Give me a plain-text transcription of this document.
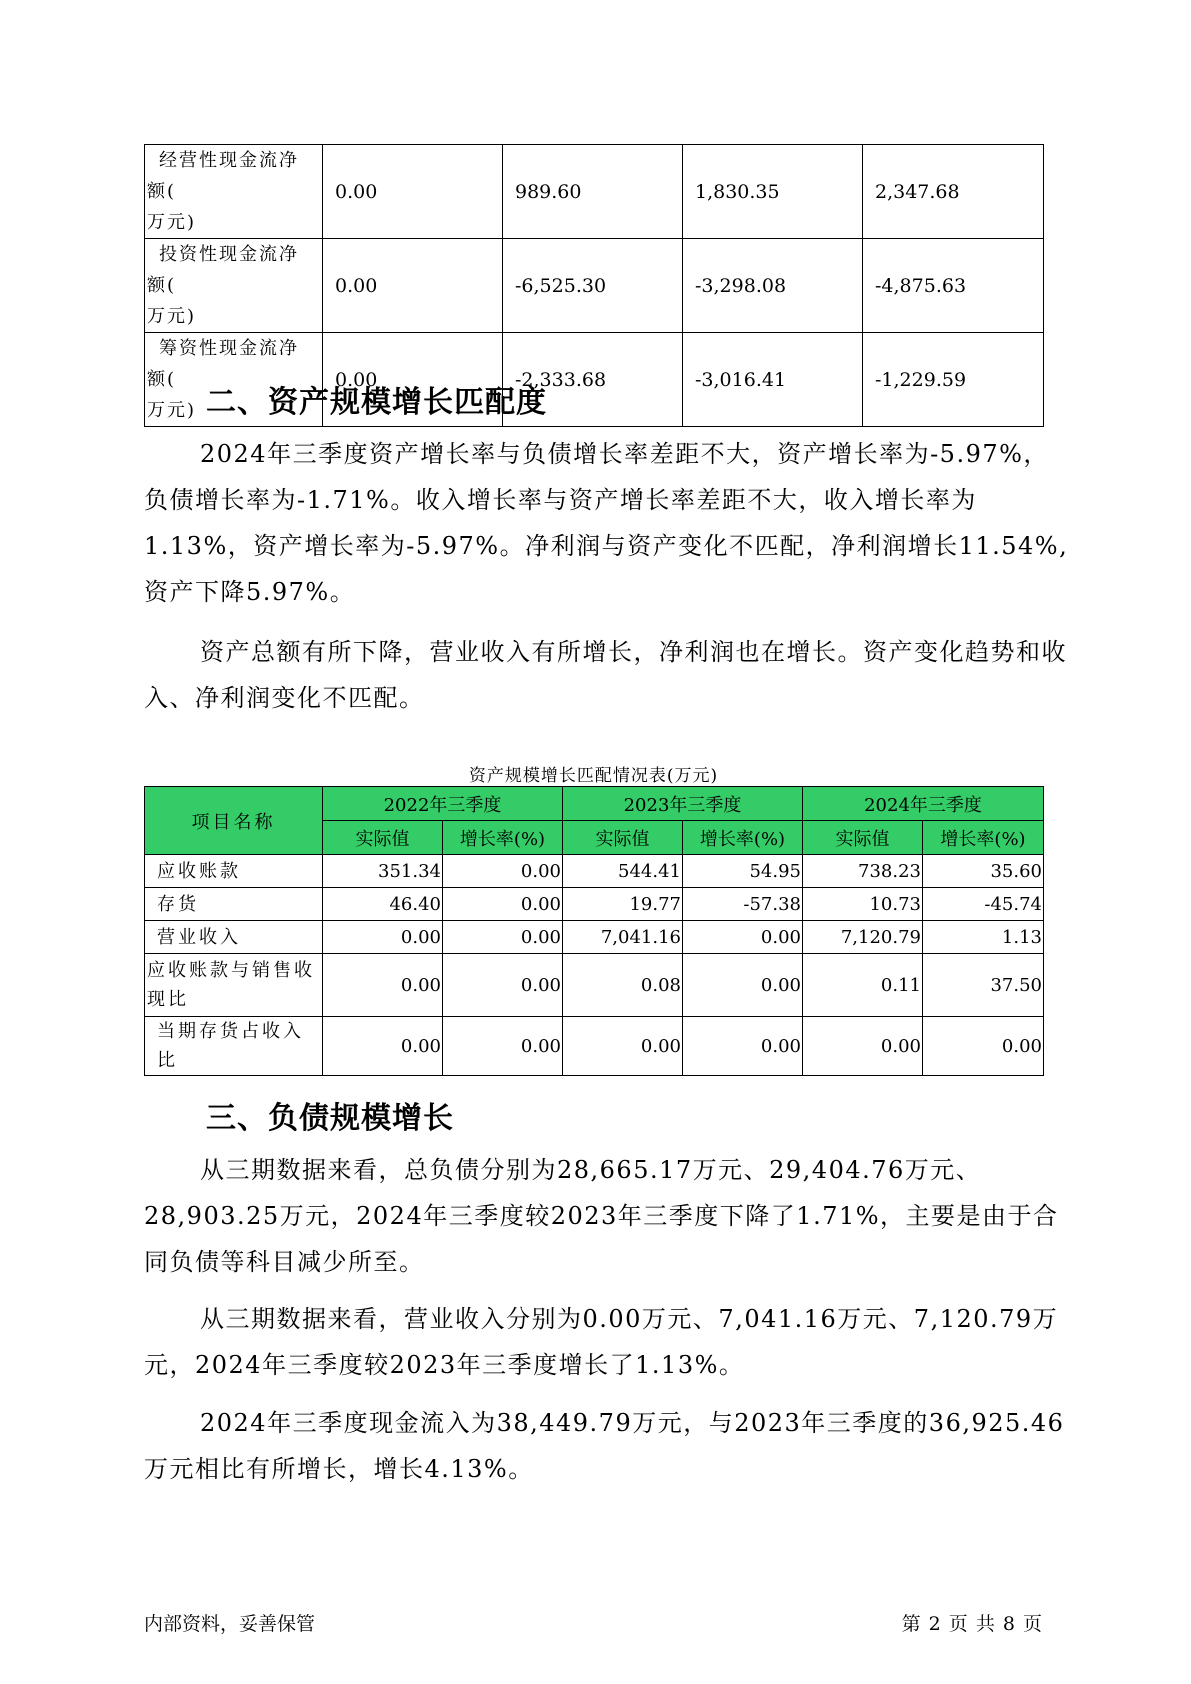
经营性现金流净额(
万元)	0.00	989.60	1,830.35	2,347.68
投资性现金流净额(
万元)	0.00	-6,525.30	-3,298.08	-4,875.63
筹资性现金流净额(
万元)	0.00	-2,333.68	-3,016.41	-1,229.59
二、资产规模增长匹配度

2024年三季度资产增长率与负债增长率差距不大，资产增长率为-5.97%，负债增长率为-1.71%。收入增长率与资产增长率差距不大，收入增长率为1.13%，资产增长率为-5.97%。净利润与资产变化不匹配，净利润增长11.54%,资产下降5.97%。

资产总额有所下降，营业收入有所增长，净利润也在增长。资产变化趋势和收入、净利润变化不匹配。

资产规模增长匹配情况表(万元)
项目名称	2022年三季度		2023年三季度		2024年三季度	
	实际值	增长率(%)	实际值	增长率(%)	实际值	增长率(%)
应收账款	351.34	0.00	544.41	54.95	738.23	35.60
存货	46.40	0.00	19.77	-57.38	10.73	-45.74
营业收入	0.00	0.00	7,041.16	0.00	7,120.79	1.13
应收账款与销售收现比	0.00	0.00	0.08	0.00	0.11	37.50
当期存货占收入比	0.00	0.00	0.00	0.00	0.00	0.00
三、负债规模增长

从三期数据来看，总负债分别为28,665.17万元、29,404.76万元、28,903.25万元，2024年三季度较2023年三季度下降了1.71%，主要是由于合同负债等科目减少所至。

从三期数据来看，营业收入分别为0.00万元、7,041.16万元、7,120.79万元，2024年三季度较2023年三季度增长了1.13%。

2024年三季度现金流入为38,449.79万元，与2023年三季度的36,925.46万元相比有所增长，增长4.13%。

内部资料，妥善保管	第 2 页 共 8 页
